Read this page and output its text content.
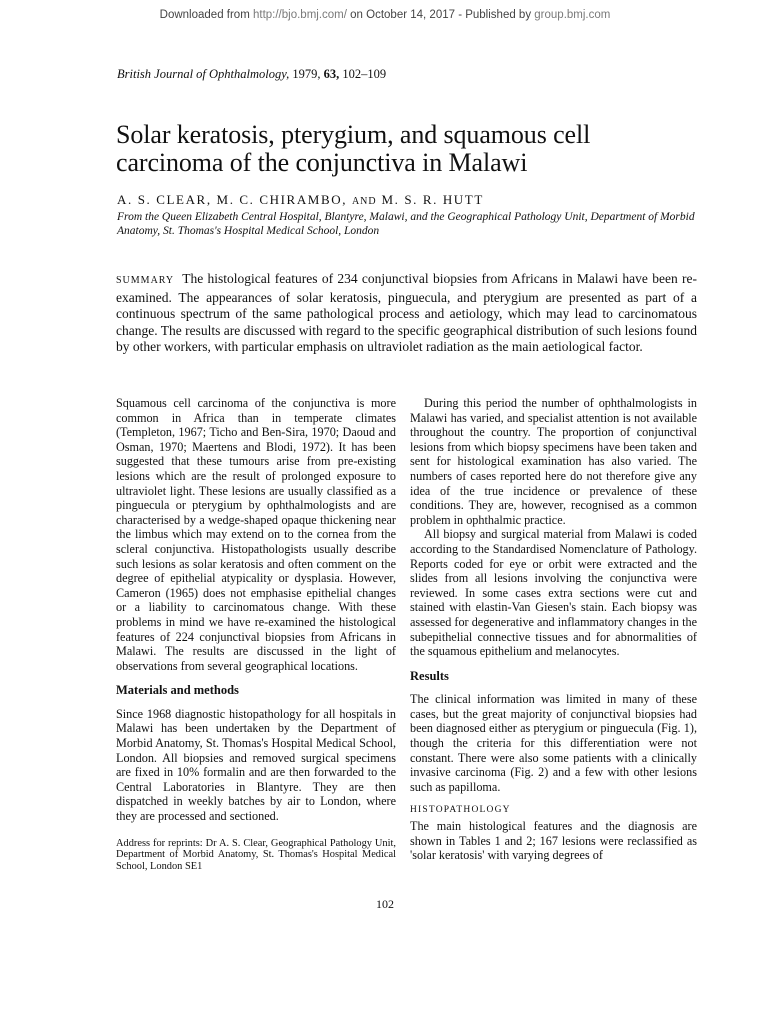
Downloaded from http://bjo.bmj.com/ on October 14, 2017 - Published by group.bmj.com
British Journal of Ophthalmology, 1979, 63, 102–109
Solar keratosis, pterygium, and squamous cell carcinoma of the conjunctiva in Malawi
A. S. CLEAR, M. C. CHIRAMBO, AND M. S. R. HUTT
From the Queen Elizabeth Central Hospital, Blantyre, Malawi, and the Geographical Pathology Unit, Department of Morbid Anatomy, St. Thomas's Hospital Medical School, London

SUMMARY The histological features of 234 conjunctival biopsies from Africans in Malawi have been re-examined. The appearances of solar keratosis, pinguecula, and pterygium are presented as part of a continuous spectrum of the same pathological process and aetiology, which may lead to carcinomatous change. The results are discussed with regard to the specific geographical distribution of such lesions found by other workers, with particular emphasis on ultraviolet radiation as the main aetiological factor.

Squamous cell carcinoma of the conjunctiva is more common in Africa than in temperate climates (Templeton, 1967; Ticho and Ben-Sira, 1970; Daoud and Osman, 1970; Maertens and Blodi, 1972). It has been suggested that these tumours arise from pre-existing lesions which are the result of prolonged exposure to ultraviolet light. These lesions are usually classified as a pinguecula or pterygium by ophthalmologists and are characterised by a wedge-shaped opaque thickening near the limbus which may extend on to the cornea from the scleral conjunctiva. Histopathologists usually describe such lesions as solar keratosis and often comment on the degree of epithelial atypicality or dysplasia. However, Cameron (1965) does not emphasise epithelial changes or a liability to carcinomatous change. With these problems in mind we have re-examined the histological features of 224 conjunctival biopsies from Africans in Malawi. The results are discussed in the light of observations from several geographical locations.

Materials and methods

Since 1968 diagnostic histopathology for all hospitals in Malawi has been undertaken by the Department of Morbid Anatomy, St. Thomas's Hospital Medical School, London. All biopsies and removed surgical specimens are fixed in 10% formalin and are then forwarded to the Central Laboratories in Blantyre. They are then dispatched in weekly batches by air to London, where they are processed and sectioned.

Address for reprints: Dr A. S. Clear, Geographical Pathology Unit, Department of Morbid Anatomy, St. Thomas's Hospital Medical School, London SE1

During this period the number of ophthalmologists in Malawi has varied, and specialist attention is not available throughout the country. The proportion of conjunctival lesions from which biopsy specimens have been taken and sent for histological examination has also varied. The numbers of cases reported here do not therefore give any idea of the true incidence or prevalence of these conditions. They are, however, recognised as a common problem in ophthalmic practice.

All biopsy and surgical material from Malawi is coded according to the Standardised Nomenclature of Pathology. Reports coded for eye or orbit were extracted and the slides from all lesions involving the conjunctiva were reviewed. In some cases extra sections were cut and stained with elastin-Van Giesen's stain. Each biopsy was assessed for degenerative and inflammatory changes in the subepithelial connective tissues and for abnormalities of the squamous epithelium and melanocytes.

Results

The clinical information was limited in many of these cases, but the great majority of conjunctival biopsies had been diagnosed either as pterygium or pinguecula (Fig. 1), though the criteria for this differentiation were not constant. There were also some patients with a clinically invasive carcinoma (Fig. 2) and a few with other lesions such as papilloma.

HISTOPATHOLOGY

The main histological features and the diagnosis are shown in Tables 1 and 2; 167 lesions were reclassified as 'solar keratosis' with varying degrees of

102
